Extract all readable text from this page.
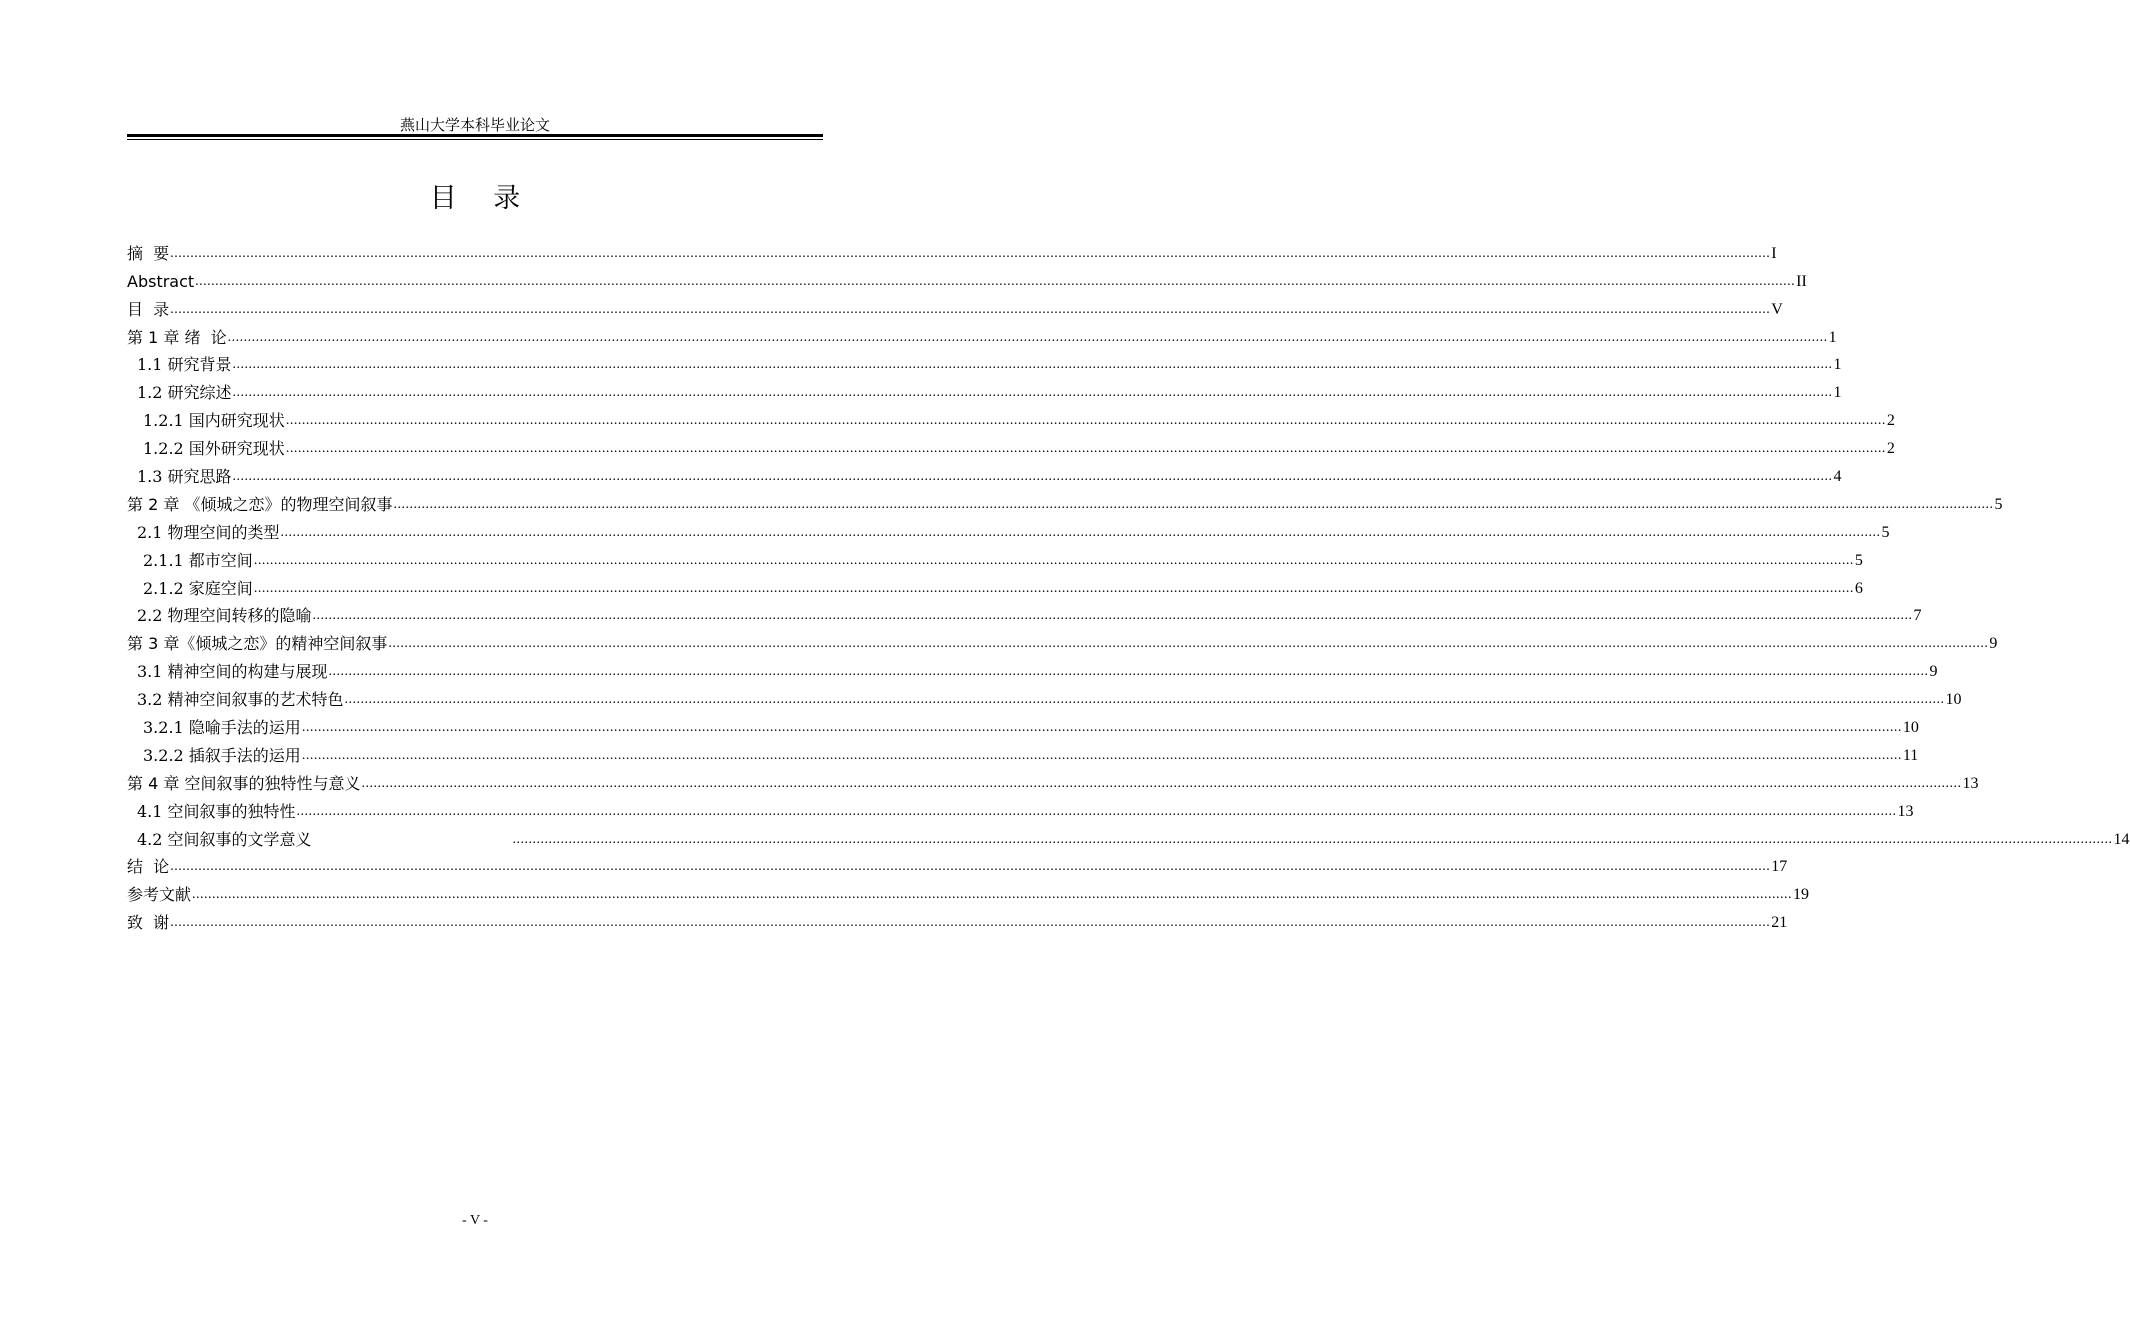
燕山大学本科毕业论文
目 录
摘  要 ................................................................................................................................................................................................................................................................................................................................................................................................................ I
Abstract ................................................................................................................................................................................................................................................................................................................................................................................................................ II
目  录 ................................................................................................................................................................................................................................................................................................................................................................................................................ V
第 1 章 绪  论 ................................................................................................................................................................................................................................................................................................................................................................................................................ 1
1.1 研究背景 ................................................................................................................................................................................................................................................................................................................................................................................................................ 1
1.2 研究综述 ................................................................................................................................................................................................................................................................................................................................................................................................................ 1
1.2.1 国内研究现状 ................................................................................................................................................................................................................................................................................................................................................................................................................ 2
1.2.2 国外研究现状 ................................................................................................................................................................................................................................................................................................................................................................................................................ 2
1.3 研究思路 ................................................................................................................................................................................................................................................................................................................................................................................................................ 4
第 2 章 《倾城之恋》的物理空间叙事 ................................................................................................................................................................................................................................................................................................................................................................................................................ 5
2.1 物理空间的类型 ................................................................................................................................................................................................................................................................................................................................................................................................................ 5
2.1.1 都市空间 ................................................................................................................................................................................................................................................................................................................................................................................................................ 5
2.1.2 家庭空间 ................................................................................................................................................................................................................................................................................................................................................................................................................ 6
2.2 物理空间转移的隐喻 ................................................................................................................................................................................................................................................................................................................................................................................................................ 7
第 3 章《倾城之恋》的精神空间叙事 ................................................................................................................................................................................................................................................................................................................................................................................................................ 9
3.1 精神空间的构建与展现 ................................................................................................................................................................................................................................................................................................................................................................................................................ 9
3.2 精神空间叙事的艺术特色 ................................................................................................................................................................................................................................................................................................................................................................................................................ 10
3.2.1 隐喻手法的运用 ................................................................................................................................................................................................................................................................................................................................................................................................................ 10
3.2.2 插叙手法的运用 ................................................................................................................................................................................................................................................................................................................................................................................................................ 11
第 4 章 空间叙事的独特性与意义 ................................................................................................................................................................................................................................................................................................................................................................................................................ 13
4.1 空间叙事的独特性 ................................................................................................................................................................................................................................................................................................................................................................................................................ 13
4.2 空间叙事的文学意义	................................................................................................................................................................................................................................................................................................................................................................................................................ 14
结  论 ................................................................................................................................................................................................................................................................................................................................................................................................................ 17
参考文献 ................................................................................................................................................................................................................................................................................................................................................................................................................ 19
致  谢 ................................................................................................................................................................................................................................................................................................................................................................................................................ 21
- V -
